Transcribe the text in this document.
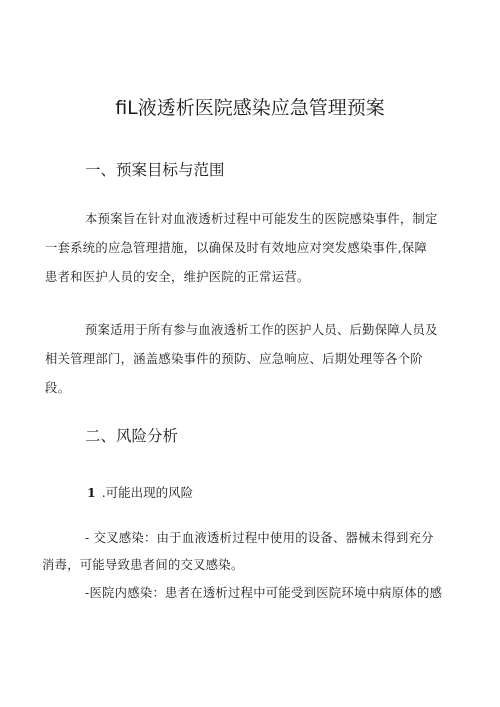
fiL液透析医院感染应急管理预案
一、预案目标与范围
本预案旨在针对血液透析过程中可能发生的医院感染事件，制定
一套系统的应急管理措施，以确保及时有效地应对突发感染事件,保障
患者和医护人员的安全，维护医院的正常运营。
预案适用于所有参与血液透析工作的医护人员、后勤保障人员及
相关管理部门，涵盖感染事件的预防、应急响应、后期处理等各个阶
段。
二、风险分析
1 .可能出现的风险
- 交叉感染：由于血液透析过程中使用的设备、器械未得到充分
消毒，可能导致患者间的交叉感染。
-医院内感染：患者在透析过程中可能受到医院环境中病原体的感
